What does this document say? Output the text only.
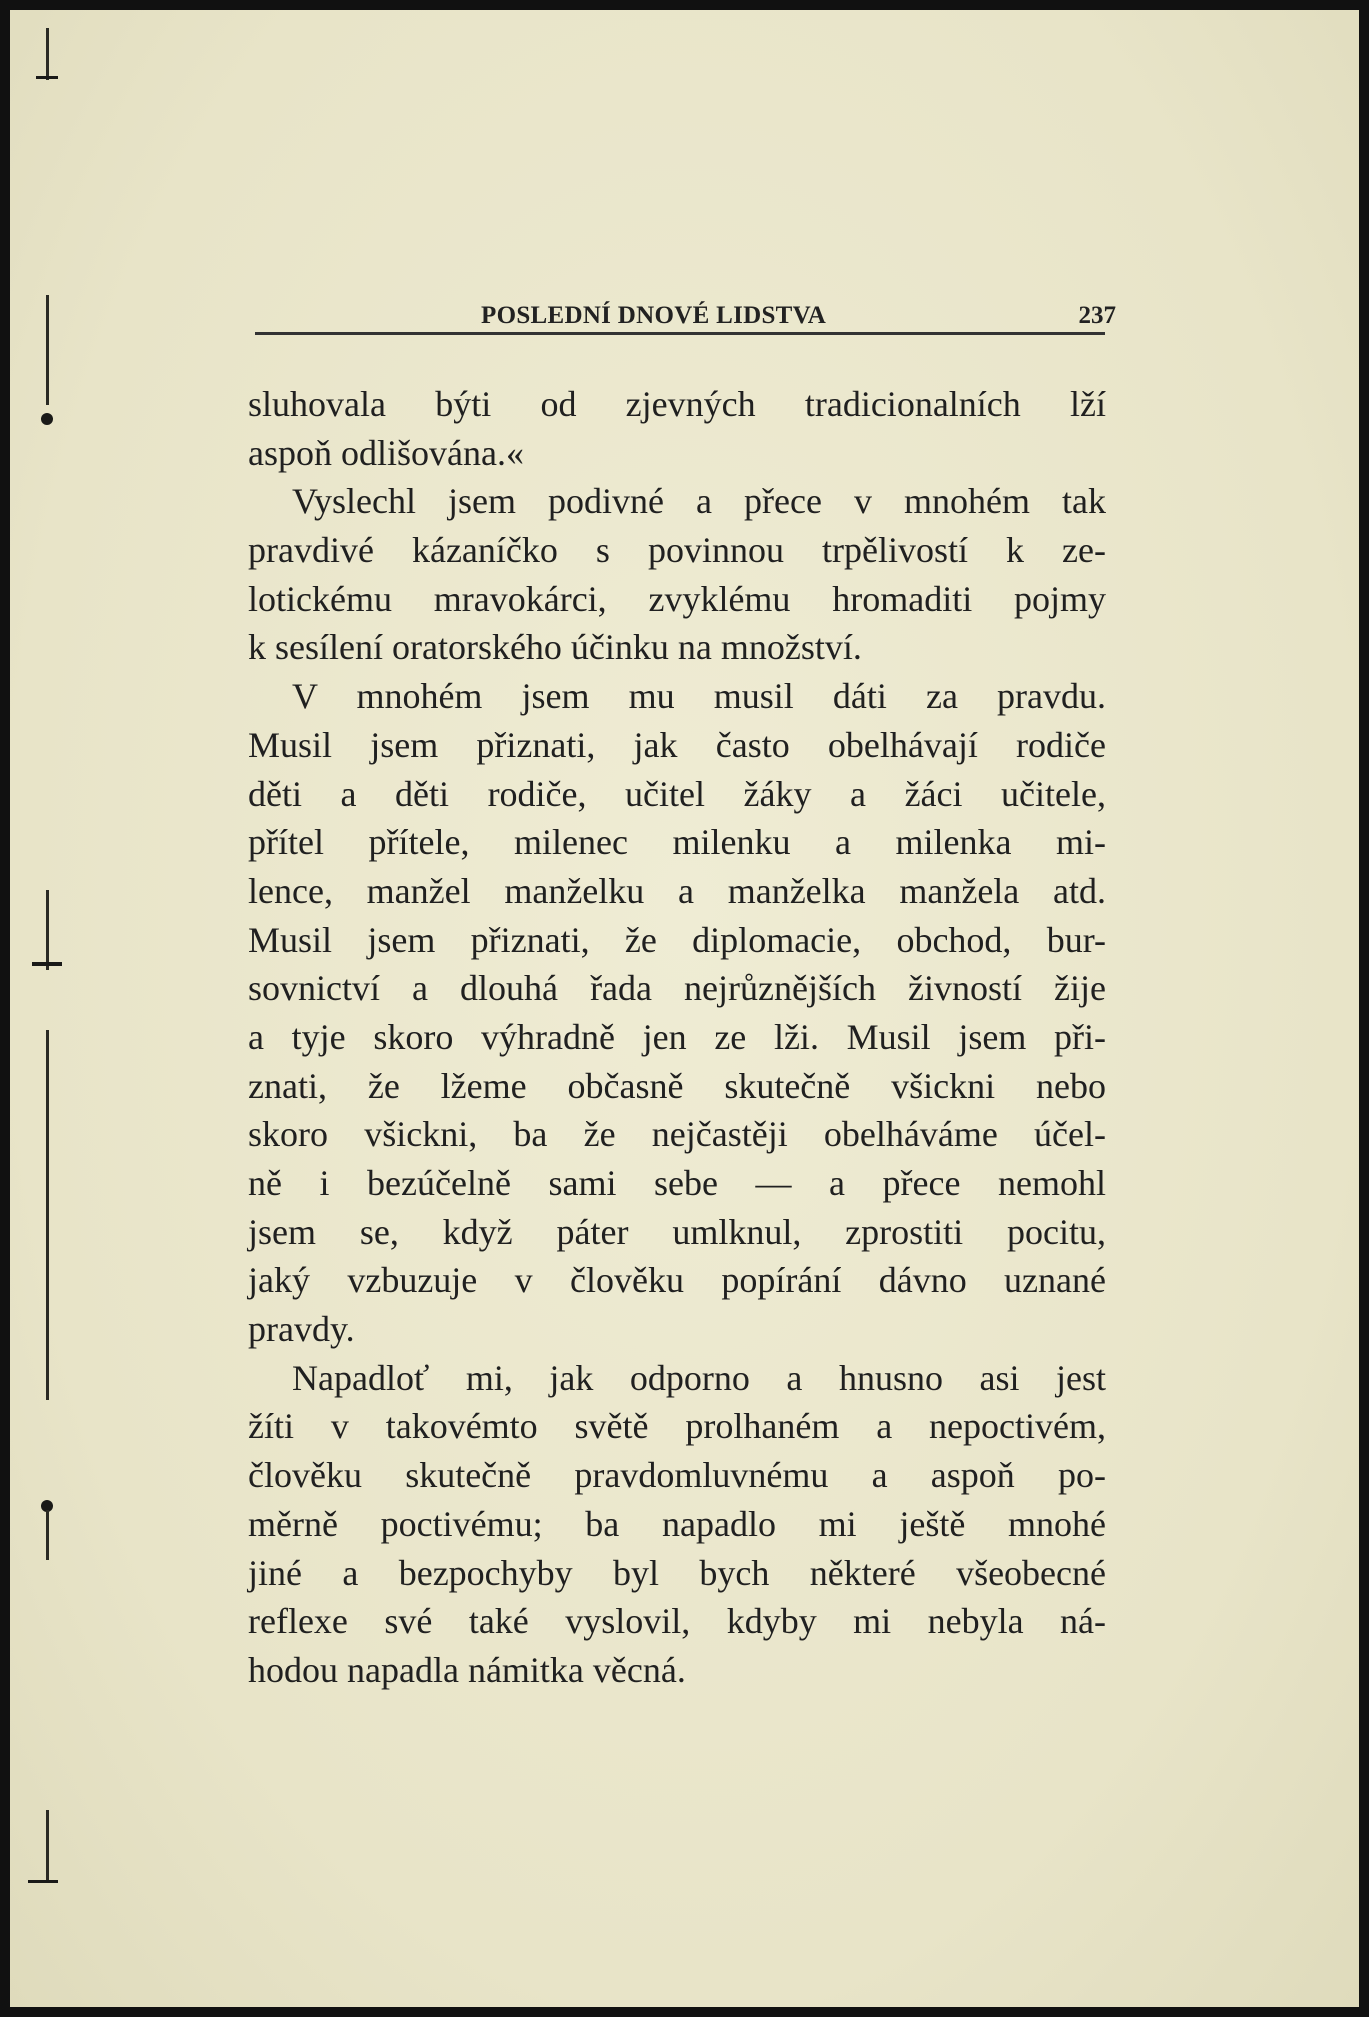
POSLEDNÍ DNOVÉ LIDSTVA	237
sluhovala býti od zjevných tradicionalních lží
aspoň odlišována.«
Vyslechl jsem podivné a přece v mnohém tak
pravdivé kázaníčko s povinnou trpělivostí k ze-
lotickému mravokárci, zvyklému hromaditi pojmy
k sesílení oratorského účinku na množství.
V mnohém jsem mu musil dáti za pravdu.
Musil jsem přiznati, jak často obelhávají rodiče
děti a děti rodiče, učitel žáky a žáci učitele,
přítel přítele, milenec milenku a milenka mi-
lence, manžel manželku a manželka manžela atd.
Musil jsem přiznati, že diplomacie, obchod, bur-
sovnictví a dlouhá řada nejrůznějších živností žije
a tyje skoro výhradně jen ze lži. Musil jsem při-
znati, že lžeme občasně skutečně všickni nebo
skoro všickni, ba že nejčastěji obelháváme účel-
ně i bezúčelně sami sebe — a přece nemohl
jsem se, když páter umlknul, zprostiti pocitu,
jaký vzbuzuje v člověku popírání dávno uznané
pravdy.
Napadloť mi, jak odporno a hnusno asi jest
žíti v takovémto světě prolhaném a nepoctivém,
člověku skutečně pravdomluvnému a aspoň po-
měrně poctivému; ba napadlo mi ještě mnohé
jiné a bezpochyby byl bych některé všeobecné
reflexe své také vyslovil, kdyby mi nebyla ná-
hodou napadla námitka věcná.
